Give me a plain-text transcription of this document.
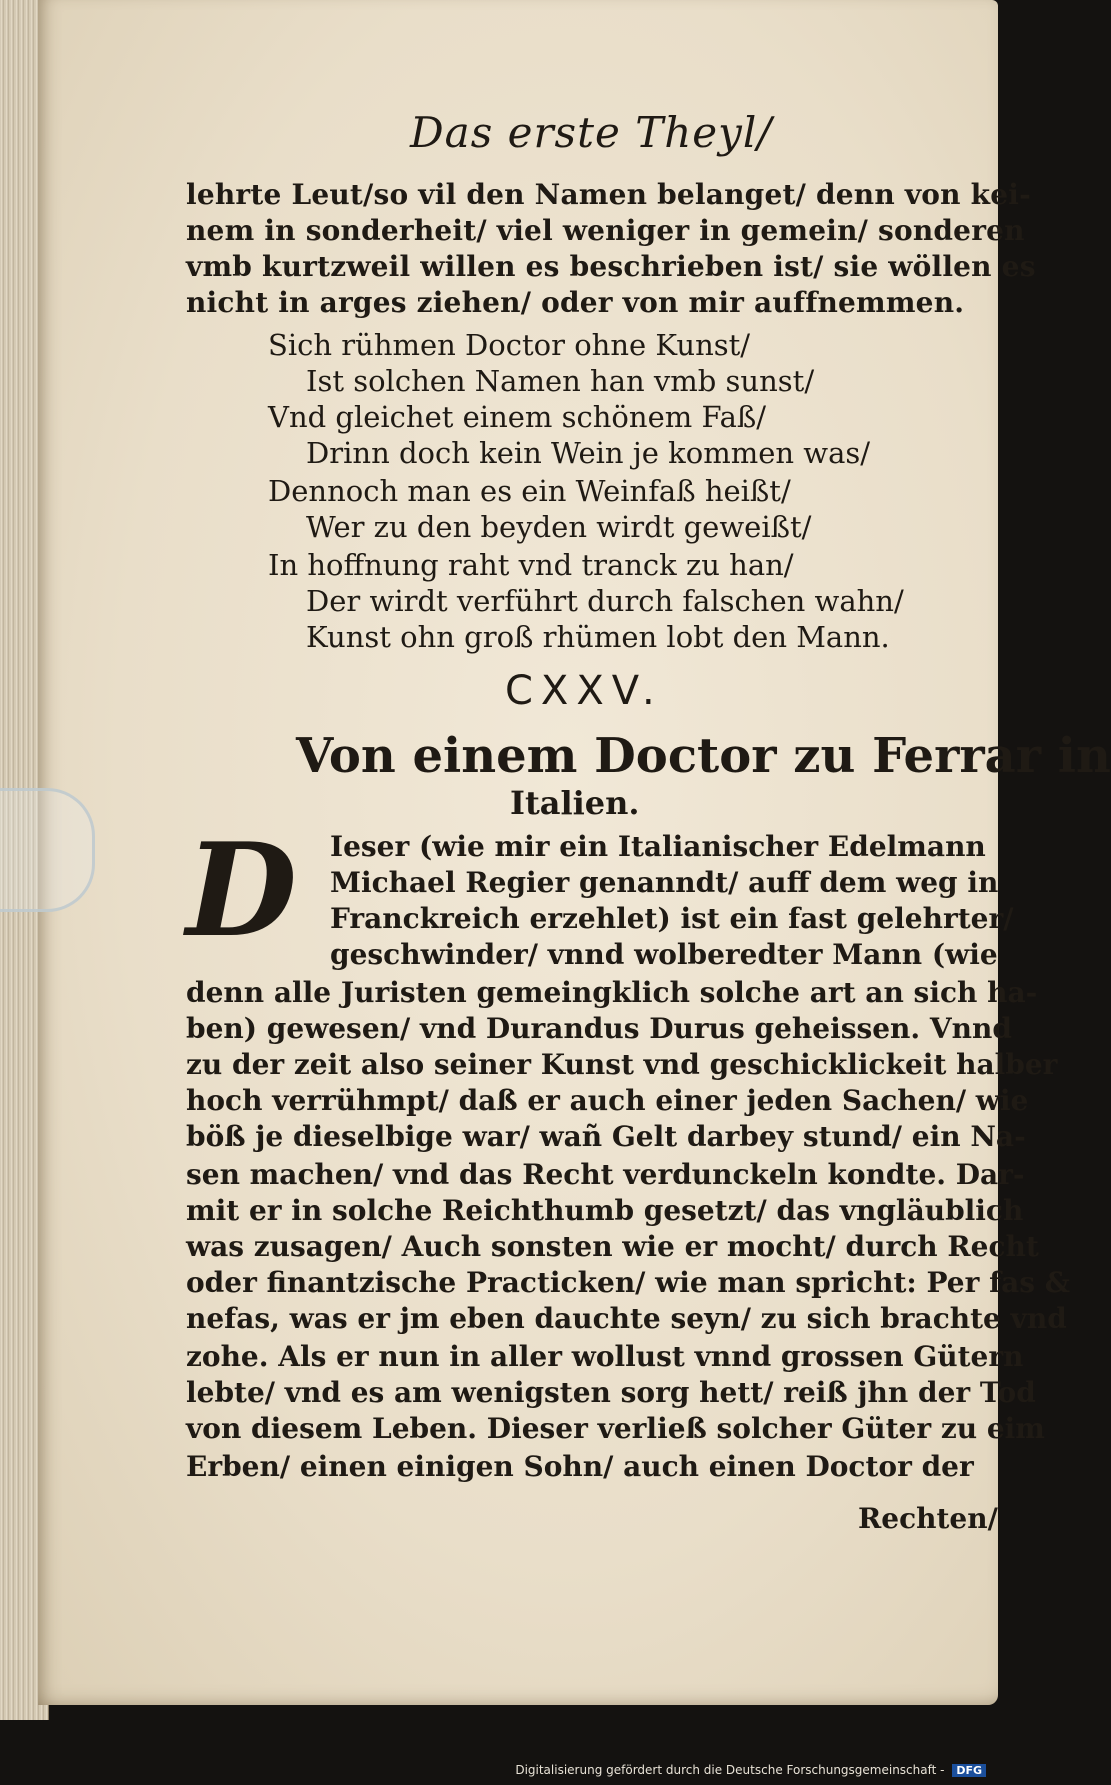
Das erste Theyl/
lehrte Leut/so vil den Namen belanget/ denn von kei-
nem in sonderheit/ viel weniger in gemein/ sonderen
vmb kurtzweil willen es beschrieben ist/ sie wöllen es
nicht in arges ziehen/ oder von mir auffnemmen.
Sich rühmen Doctor ohne Kunst/
Ist solchen Namen han vmb sunst/
Vnd gleichet einem schönem Faß/
Drinn doch kein Wein je kommen was/
Dennoch man es ein Weinfaß heißt/
Wer zu den beyden wirdt geweißt/
In hoffnung raht vnd tranck zu han/
Der wirdt verführt durch falschen wahn/
Kunst ohn groß rhümen lobt den Mann.
CXXV.
Von einem Doctor zu Ferrar in
Italien.
D Ieser (wie mir ein Italianischer Edelmann
Michael Regier genanndt/ auff dem weg in
Franckreich erzehlet) ist ein fast gelehrter/
geschwinder/ vnnd wolberedter Mann (wie
denn alle Juristen gemeingklich solche art an sich ha-
ben) gewesen/ vnd Durandus Durus geheissen. Vnnd
zu der zeit also seiner Kunst vnd geschicklickeit halber
hoch verrühmpt/ daß er auch einer jeden Sachen/ wie
böß je dieselbige war/ wañ Gelt darbey stund/ ein Na-
sen machen/ vnd das Recht verdunckeln kondte. Dar-
mit er in solche Reichthumb gesetzt/ das vngläublich
was zusagen/ Auch sonsten wie er mocht/ durch Recht
oder finantzische Practicken/ wie man spricht: Per fas &
nefas, was er jm eben dauchte seyn/ zu sich brachte vnd
zohe. Als er nun in aller wollust vnnd grossen Gütern
lebte/ vnd es am wenigsten sorg hett/ reiß jhn der Tod
von diesem Leben. Dieser verließ solcher Güter zu eim
Erben/ einen einigen Sohn/ auch einen Doctor der
Rechten/
Digitalisierung gefördert durch die Deutsche Forschungsgemeinschaft - DFG
